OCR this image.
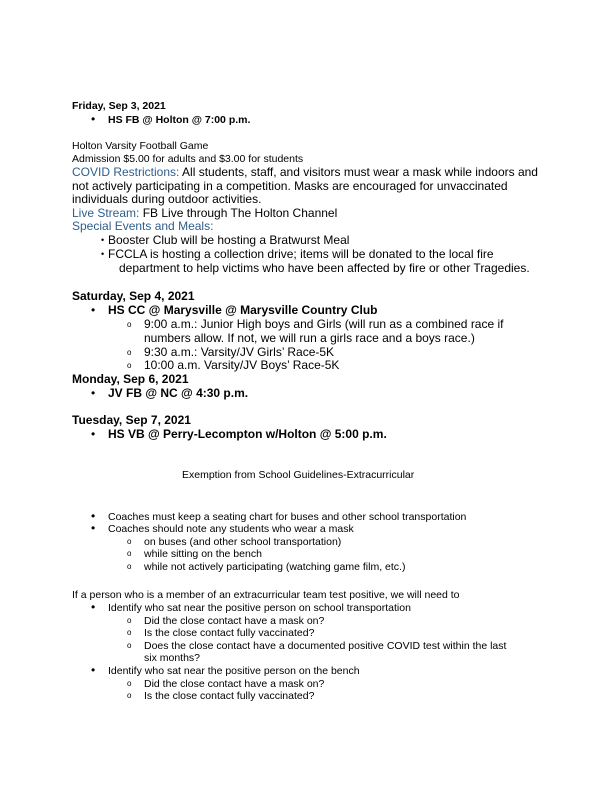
Friday, Sep 3, 2021
• HS FB @ Holton @ 7:00 p.m.
Holton Varsity Football Game
Admission $5.00 for adults and $3.00 for students
COVID Restrictions: All students, staff, and visitors must wear a mask while indoors and
not actively participating in a competition. Masks are encouraged for unvaccinated
individuals during outdoor activities.
Live Stream: FB Live through The Holton Channel
Special Events and Meals:
• Booster Club will be hosting a Bratwurst Meal
• FCCLA is hosting a collection drive; items will be donated to the local fire
department to help victims who have been affected by fire or other Tragedies.
Saturday, Sep 4, 2021
• HS CC @ Marysville @ Marysville Country Club
o 9:00 a.m.: Junior High boys and Girls (will run as a combined race if
numbers allow. If not, we will run a girls race and a boys race.)
o 9:30 a.m.: Varsity/JV Girls’ Race-5K
o 10:00 a.m. Varsity/JV Boys’ Race-5K
Monday, Sep 6, 2021
• JV FB @ NC @ 4:30 p.m.
Tuesday, Sep 7, 2021
• HS VB @ Perry-Lecompton w/Holton @ 5:00 p.m.
Exemption from School Guidelines-Extracurricular
• Coaches must keep a seating chart for buses and other school transportation
• Coaches should note any students who wear a mask
o on buses (and other school transportation)
o while sitting on the bench
o while not actively participating (watching game film, etc.)
If a person who is a member of an extracurricular team test positive, we will need to
• Identify who sat near the positive person on school transportation
o Did the close contact have a mask on?
o Is the close contact fully vaccinated?
o Does the close contact have a documented positive COVID test within the last
six months?
• Identify who sat near the positive person on the bench
o Did the close contact have a mask on?
o Is the close contact fully vaccinated?
